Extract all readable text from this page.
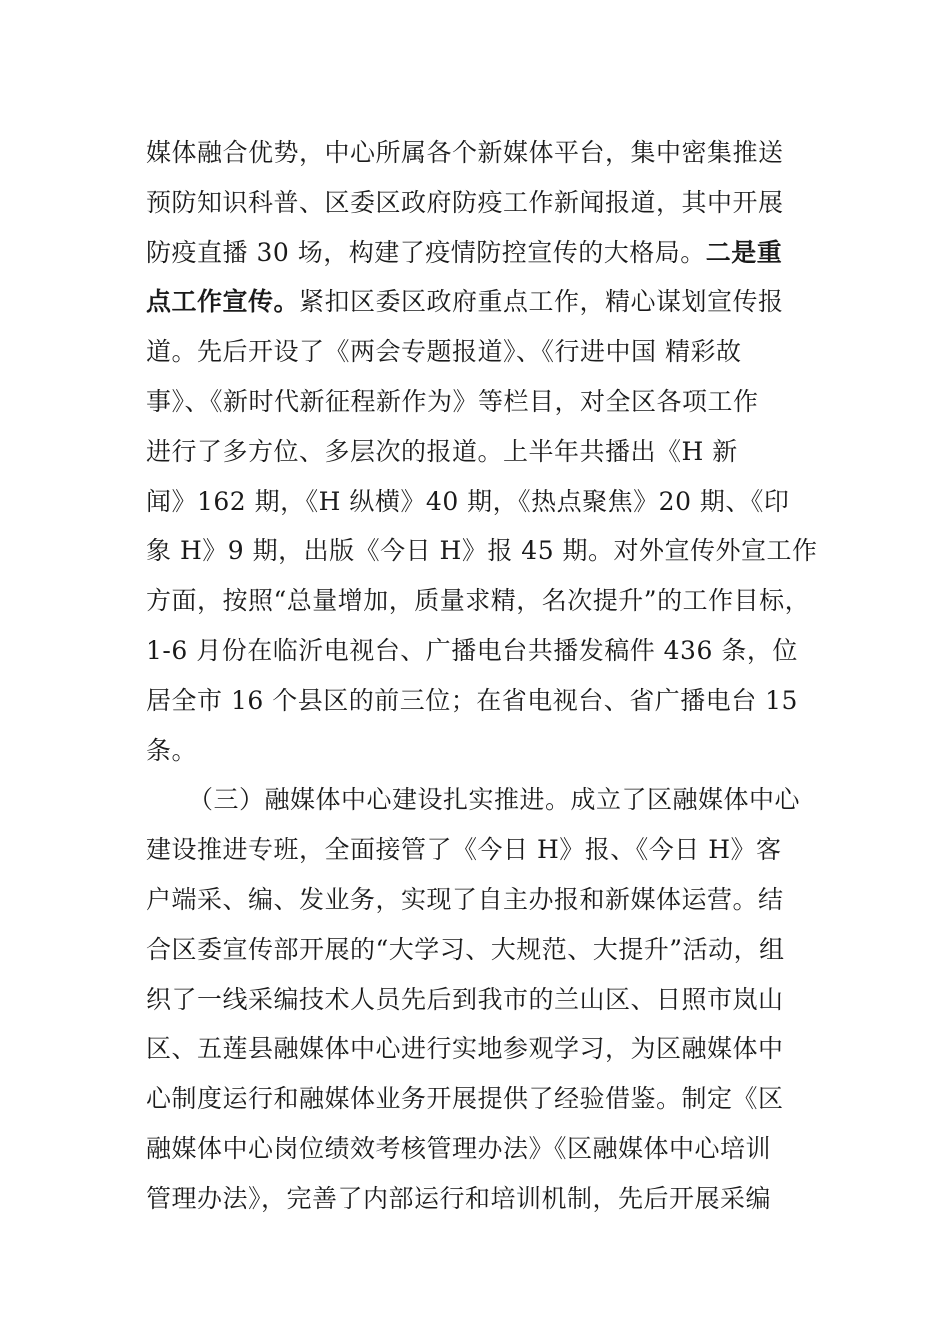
媒体融合优势，中心所属各个新媒体平台，集中密集推送
预防知识科普、区委区政府防疫工作新闻报道，其中开展
防疫直播 30 场，构建了疫情防控宣传的大格局。二是重
点工作宣传。紧扣区委区政府重点工作，精心谋划宣传报
道。先后开设了《两会专题报道》、《行进中国 精彩故
事》、《新时代新征程新作为》等栏目，对全区各项工作
进行了多方位、多层次的报道。上半年共播出《H 新
闻》162 期，《H 纵横》40 期，《热点聚焦》20 期、《印
象 H》9 期，出版《今日 H》报 45 期。对外宣传外宣工作
方面，按照“总量增加，质量求精，名次提升”的工作目标，
1-6 月份在临沂电视台、广播电台共播发稿件 436 条，位
居全市 16 个县区的前三位；在省电视台、省广播电台 15
条。
（三）融媒体中心建设扎实推进。成立了区融媒体中心
建设推进专班，全面接管了《今日 H》报、《今日 H》客
户端采、编、发业务，实现了自主办报和新媒体运营。结
合区委宣传部开展的“大学习、大规范、大提升”活动，组
织了一线采编技术人员先后到我市的兰山区、日照市岚山
区、五莲县融媒体中心进行实地参观学习，为区融媒体中
心制度运行和融媒体业务开展提供了经验借鉴。制定《区
融媒体中心岗位绩效考核管理办法》《区融媒体中心培训
管理办法》，完善了内部运行和培训机制，先后开展采编
